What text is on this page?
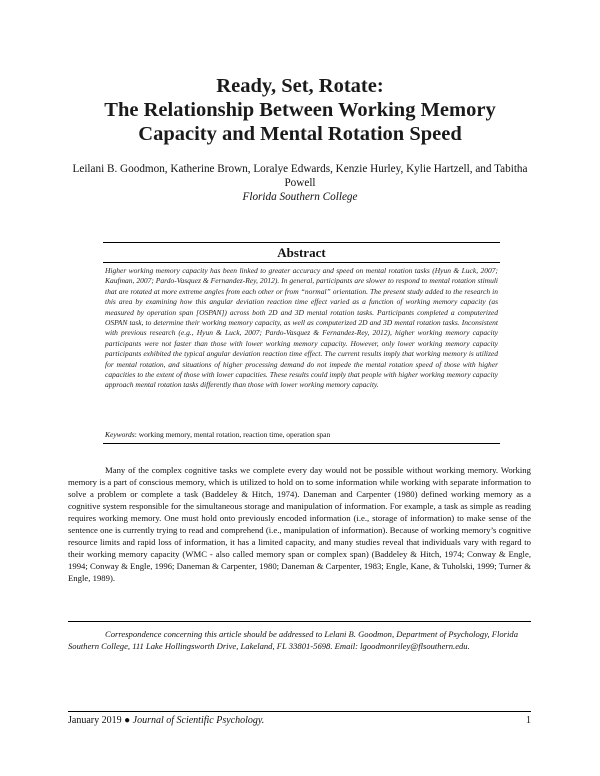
Ready, Set, Rotate:
The Relationship Between Working Memory
Capacity and Mental Rotation Speed
Leilani B. Goodmon, Katherine Brown, Loralye Edwards, Kenzie Hurley, Kylie Hartzell, and Tabitha Powell
Florida Southern College
Abstract
Higher working memory capacity has been linked to greater accuracy and speed on mental rotation tasks (Hyun & Luck, 2007; Kaufman, 2007; Pardo-Vasquez & Fernandez-Rey, 2012). In general, participants are slower to respond to mental rotation stimuli that are rotated at more extreme angles from each other or from “normal” orientation. The present study added to the research in this area by examining how this angular deviation reaction time effect varied as a function of working memory capacity (as measured by operation span [OSPAN]) across both 2D and 3D mental rotation tasks. Participants completed a computerized OSPAN task, to determine their working memory capacity, as well as computerized 2D and 3D mental rotation tasks. Inconsistent with previous research (e.g., Hyun & Luck, 2007; Pardo-Vasquez & Fernandez-Rey, 2012), higher working memory capacity participants were not faster than those with lower working memory capacity. However, only lower working memory capacity participants exhibited the typical angular deviation reaction time effect. The current results imply that working memory is utilized for mental rotation, and situations of higher processing demand do not impede the mental rotation speed of those with higher capacities to the extent of those with lower capacities. These results could imply that people with higher working memory capacity approach mental rotation tasks differently than those with lower working memory capacity.
Keywords: working memory, mental rotation, reaction time, operation span
Many of the complex cognitive tasks we complete every day would not be possible without working memory. Working memory is a part of conscious memory, which is utilized to hold on to some information while working with separate information to solve a problem or complete a task (Baddeley & Hitch, 1974). Daneman and Carpenter (1980) defined working memory as a cognitive system responsible for the simultaneous storage and manipulation of information. For example, a task as simple as reading requires working memory. One must hold onto previously encoded information (i.e., storage of information) to make sense of the sentence one is currently trying to read and comprehend (i.e., manipulation of information). Because of working memory’s cognitive resource limits and rapid loss of information, it has a limited capacity, and many studies reveal that individuals vary with regard to their working memory capacity (WMC - also called memory span or complex span) (Baddeley & Hitch, 1974; Conway & Engle, 1994; Conway & Engle, 1996; Daneman & Carpenter, 1980; Daneman & Carpenter, 1983; Engle, Kane, & Tuholski, 1999; Turner & Engle, 1989).
Correspondence concerning this article should be addressed to Lelani B. Goodmon, Department of Psychology, Florida Southern College, 111 Lake Hollingsworth Drive, Lakeland, FL 33801-5698. Email: lgoodmonriley@flsouthern.edu.
January 2019 ● Journal of Scientific Psychology.	1
